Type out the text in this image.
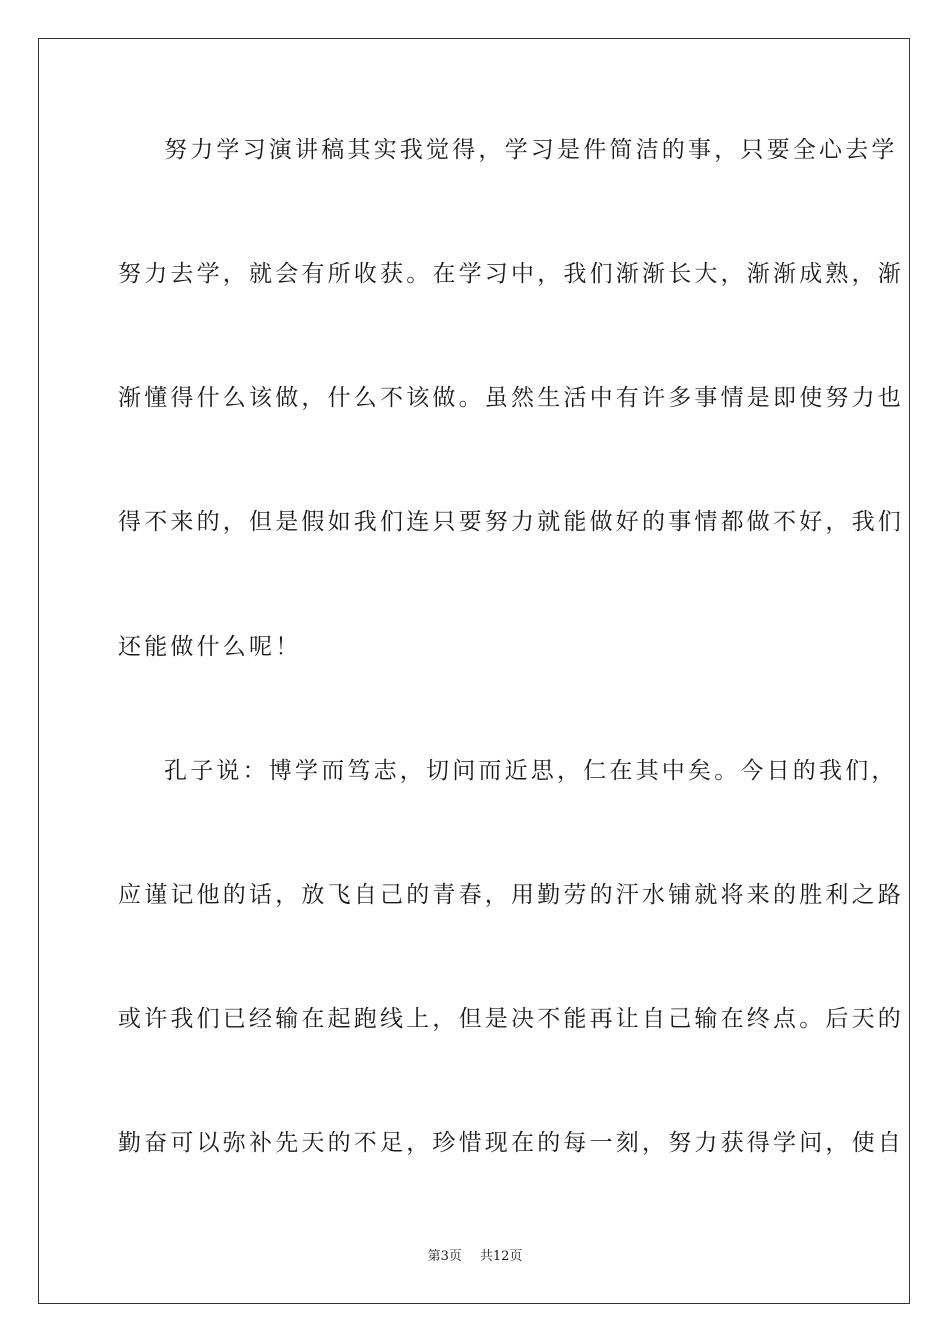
努力学习演讲稿其实我觉得，学习是件简洁的事，只要全心去学
努力去学，就会有所收获。在学习中，我们渐渐长大，渐渐成熟，渐
渐懂得什么该做，什么不该做。虽然生活中有许多事情是即使努力也
得不来的，但是假如我们连只要努力就能做好的事情都做不好，我们
还能做什么呢！
孔子说：博学而笃志，切问而近思，仁在其中矣。今日的我们，
应谨记他的话，放飞自己的青春，用勤劳的汗水铺就将来的胜利之路
或许我们已经输在起跑线上，但是决不能再让自己输在终点。后天的
勤奋可以弥补先天的不足，珍惜现在的每一刻，努力获得学问，使自
第3页 共12页
